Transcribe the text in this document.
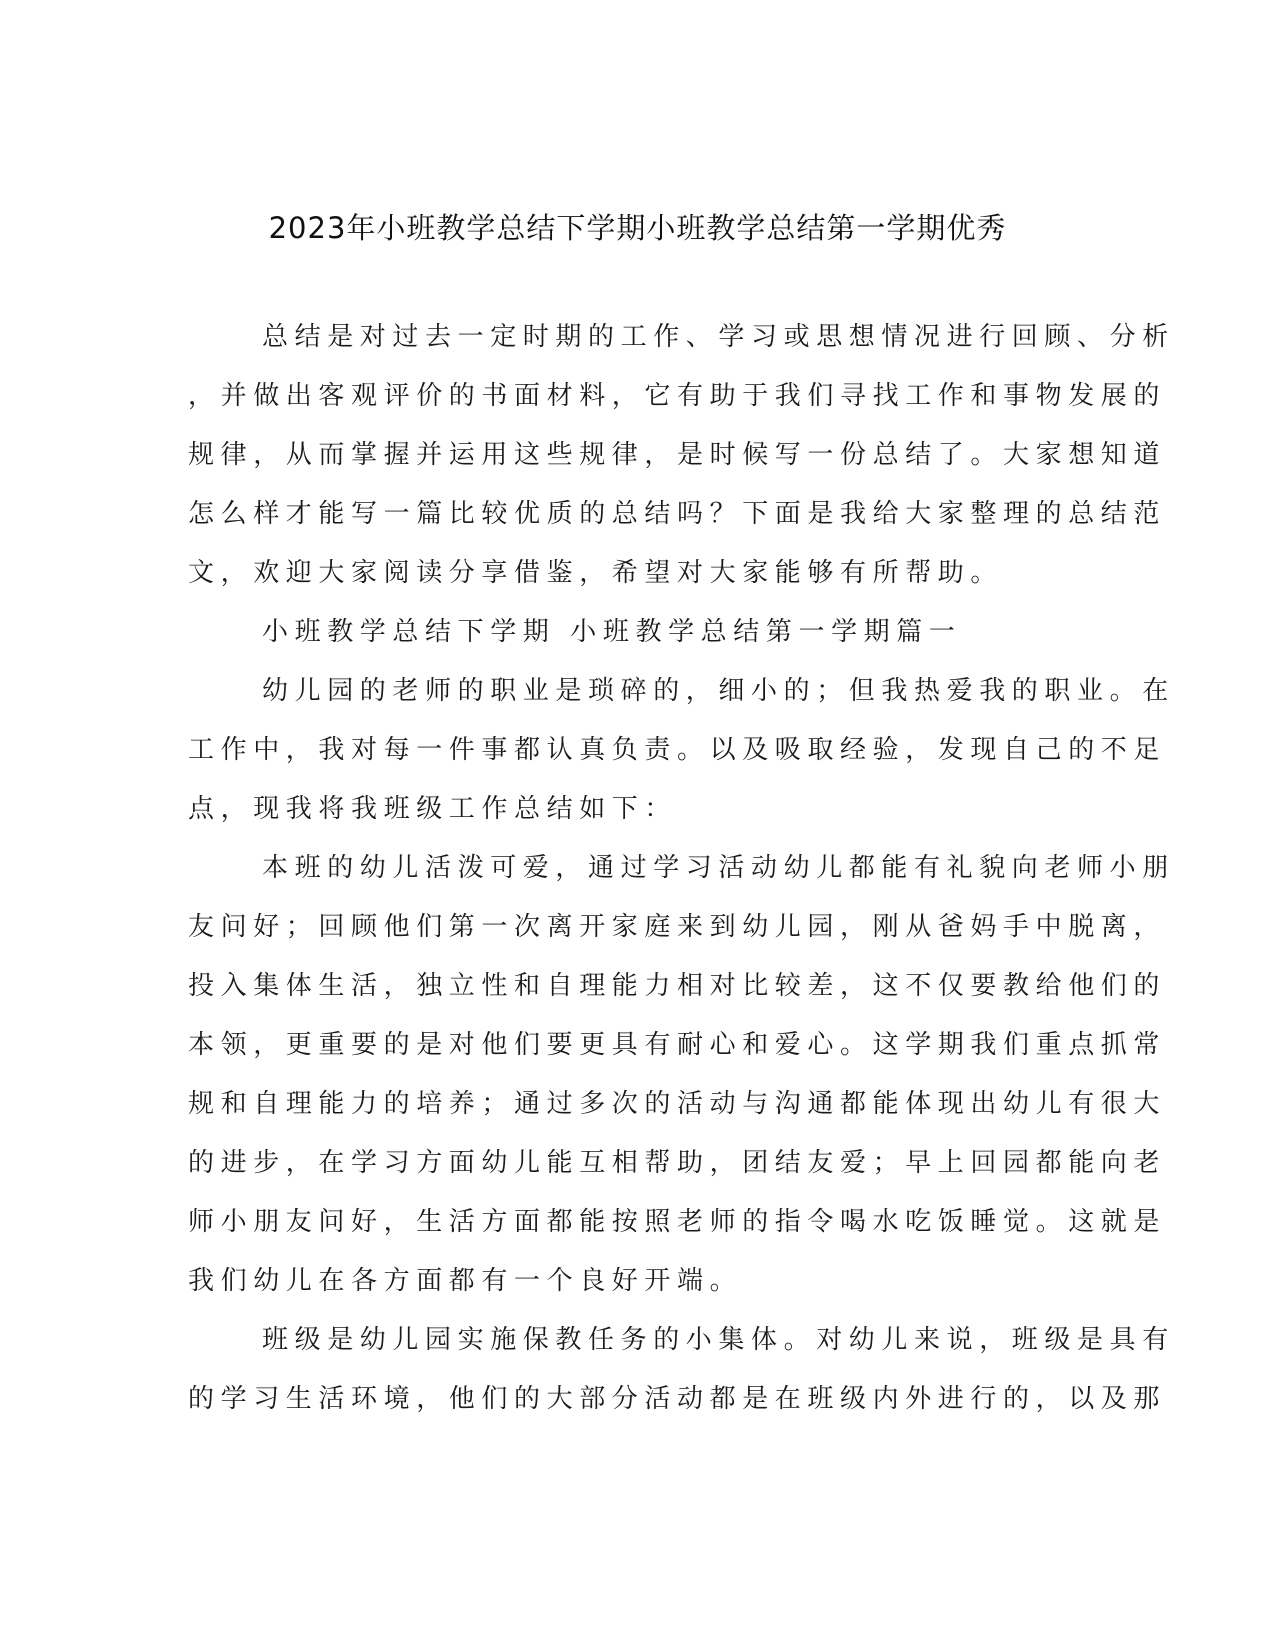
2023年小班教学总结下学期小班教学总结第一学期优秀
总结是对过去一定时期的工作、学习或思想情况进行回顾、分析
，并做出客观评价的书面材料，它有助于我们寻找工作和事物发展的
规律，从而掌握并运用这些规律，是时候写一份总结了。大家想知道
怎么样才能写一篇比较优质的总结吗？下面是我给大家整理的总结范
文，欢迎大家阅读分享借鉴，希望对大家能够有所帮助。
小班教学总结下学期 小班教学总结第一学期篇一
幼儿园的老师的职业是琐碎的，细小的；但我热爱我的职业。在
工作中，我对每一件事都认真负责。以及吸取经验，发现自己的不足
点，现我将我班级工作总结如下：
本班的幼儿活泼可爱，通过学习活动幼儿都能有礼貌向老师小朋
友问好；回顾他们第一次离开家庭来到幼儿园，刚从爸妈手中脱离，
投入集体生活，独立性和自理能力相对比较差，这不仅要教给他们的
本领，更重要的是对他们要更具有耐心和爱心。这学期我们重点抓常
规和自理能力的培养；通过多次的活动与沟通都能体现出幼儿有很大
的进步，在学习方面幼儿能互相帮助，团结友爱；早上回园都能向老
师小朋友问好，生活方面都能按照老师的指令喝水吃饭睡觉。这就是
我们幼儿在各方面都有一个良好开端。
班级是幼儿园实施保教任务的小集体。对幼儿来说，班级是具有
的学习生活环境，他们的大部分活动都是在班级内外进行的，以及那
